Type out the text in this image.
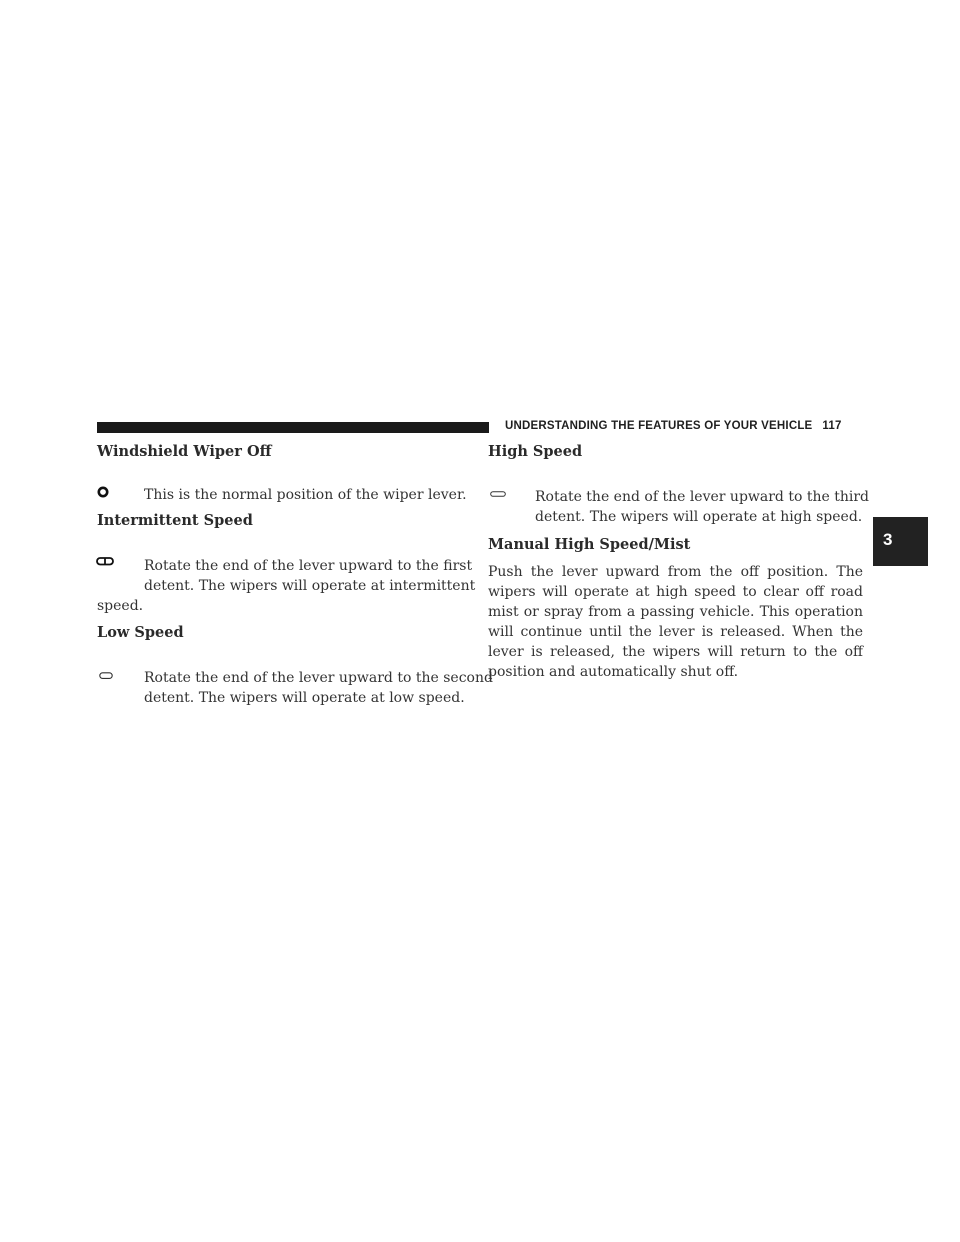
UNDERSTANDING THE FEATURES OF YOUR VEHICLE 117
3
Windshield Wiper Off
This is the normal position of the wiper lever.
Intermittent Speed
Rotate the end of the lever upward to the first
detent. The wipers will operate at intermittent
speed.
Low Speed
Rotate the end of the lever upward to the second
detent. The wipers will operate at low speed.
High Speed
Rotate the end of the lever upward to the third
detent. The wipers will operate at high speed.
Manual High Speed/Mist
Push the lever upward from the off position. The wipers will operate at high speed to clear off road mist or spray from a passing vehicle. This operation will continue until the lever is released. When the lever is released, the wipers will return to the off position and automatically shut off.
